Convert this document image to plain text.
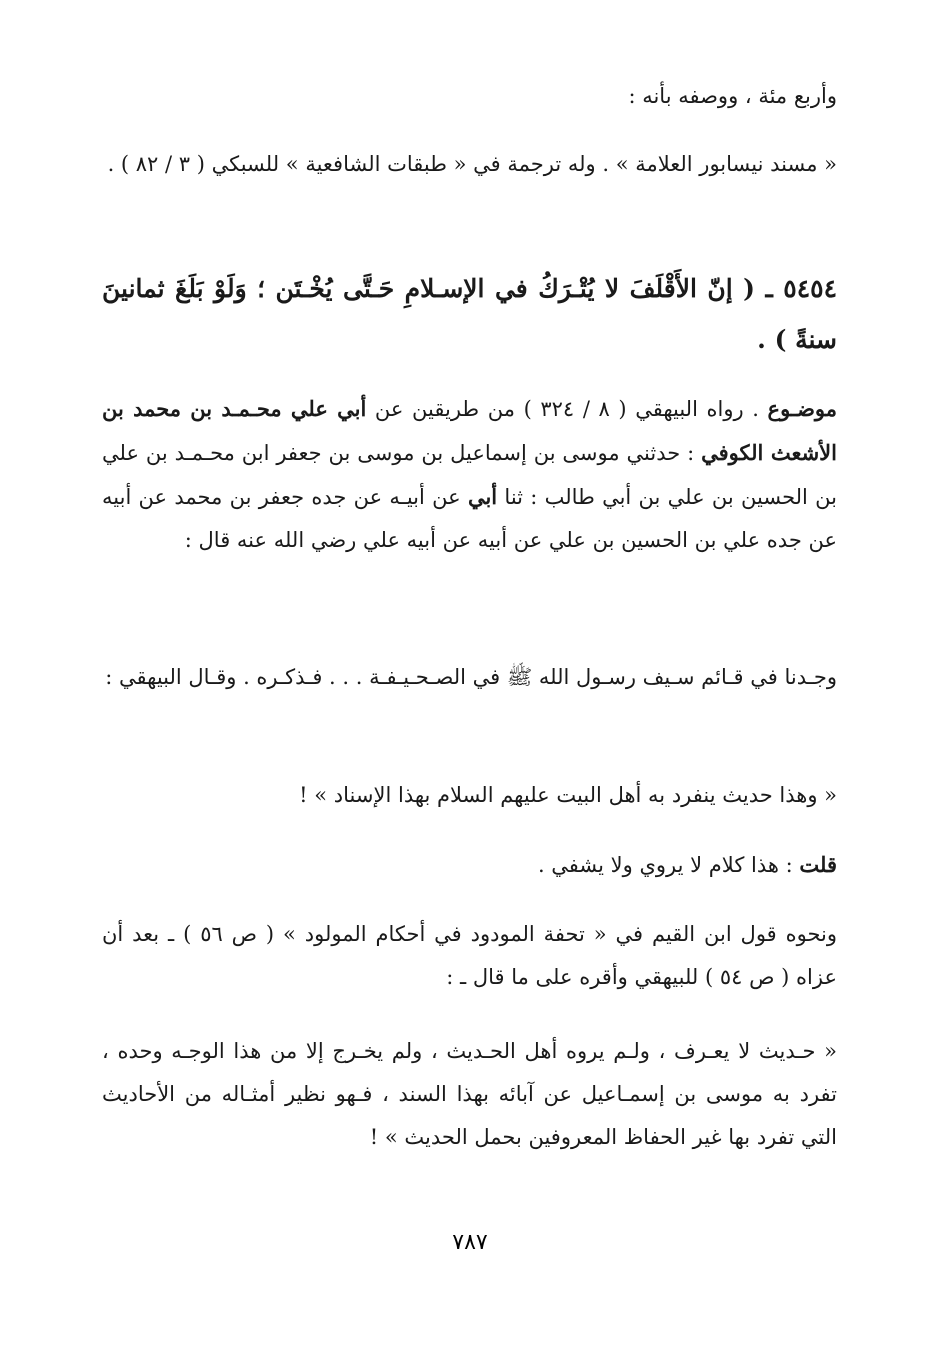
وأربع مئة ، ووصفه بأنه :

« مسند نيسابور العلامة » . وله ترجمة في « طبقات الشافعية » للسبكي ( ٣ / ٨٢ ) .

٥٤٥٤ ـ ( إنّ الأَقْلَفَ لا يُتْـرَكُ في الإسـلامِ حَـتَّى يُخْـتَن ؛ وَلَوْ بَلَغَ ثمانينَ سنةً ) .

موضـوع . رواه البيهقي ( ٨ / ٣٢٤ ) من طريقين عن أبي علي محـمـد بن محمد بن الأشعث الكوفي : حدثني موسى بن إسماعيل بن موسى بن جعفر ابن محـمـد بن علي بن الحسين بن علي بن أبي طالب : ثنا أبي عن أبيـه عن جده جعفر بن محمد عن أبيه عن جده علي بن الحسين بن علي عن أبيه عن أبيه علي رضي الله عنه قال :

وجـدنا في قـائم سـيف رسـول الله ﷺ في الصـحـيـفـة . . . فـذكـره . وقـال البيهقي :

« وهذا حديث ينفرد به أهل البيت عليهم السلام بهذا الإسناد » !

قلت : هذا كلام لا يروي ولا يشفي .

ونحوه قول ابن القيم في « تحفة المودود في أحكام المولود » ( ص ٥٦ ) ـ بعد أن عزاه ( ص ٥٤ ) للبيهقي وأقره على ما قال ـ :

« حـديث لا يعـرف ، ولـم يروه أهل الحـديث ، ولم يخـرج إلا من هذا الوجـه وحده ، تفرد به موسى بن إسمـاعيل عن آبائه بهذا السند ، فـهو نظير أمثـاله من الأحاديث التي تفرد بها غير الحفاظ المعروفين بحمل الحديث » !

٧٨٧
